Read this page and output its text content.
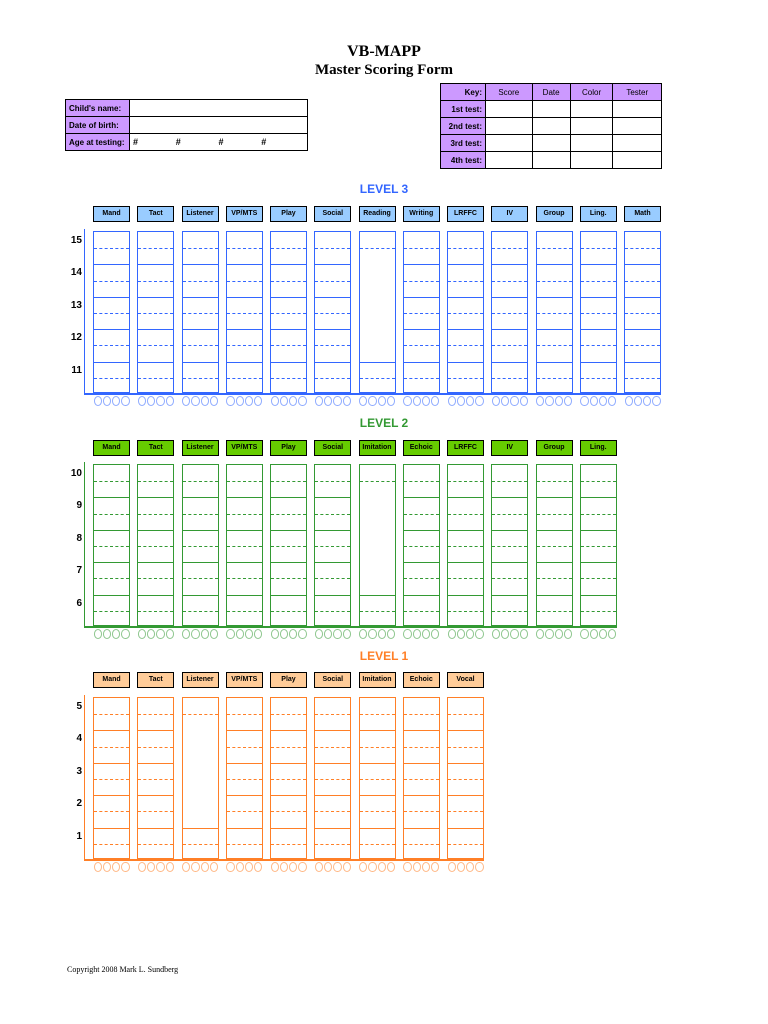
VB-MAPP
Master Scoring Form
Child's name:	
Date of birth:	
Age at testing:	# # # #
Key:	Score	Date	Color	Tester
1st test:				
2nd test:				
3rd test:				
4th test:				
LEVEL 3
15
14
13
12
11
Mand	Tact	Listener	VP/MTS	Play	Social	Reading	Writing	LRFFC	IV	Group	Ling.	Math
LEVEL 2
10
9
8
7
6
Mand	Tact	Listener	VP/MTS	Play	Social	Imitation	Echoic	LRFFC	IV	Group	Ling.
LEVEL 1
5
4
3
2
1
Mand	Tact	Listener	VP/MTS	Play	Social	Imitation	Echoic	Vocal
Copyright 2008 Mark L. Sundberg
